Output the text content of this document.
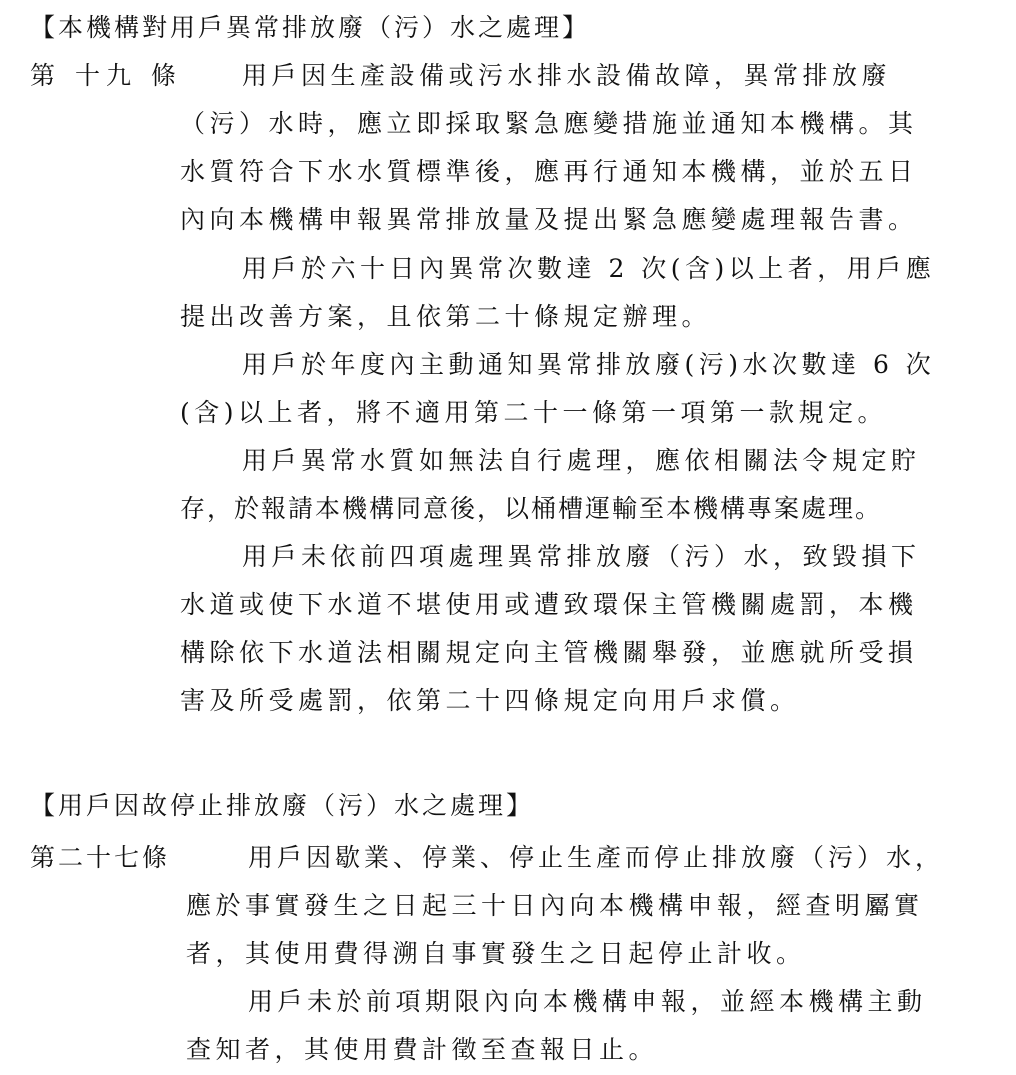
【本機構對用戶異常排放廢（污）水之處理】
第 十九 條 用戶因生產設備或污水排水設備故障，異常排放廢
（污）水時，應立即採取緊急應變措施並通知本機構。其
水質符合下水水質標準後，應再行通知本機構，並於五日
內向本機構申報異常排放量及提出緊急應變處理報告書。
用戶於六十日內異常次數達 2 次(含)以上者，用戶應
提出改善方案，且依第二十條規定辦理。
用戶於年度內主動通知異常排放廢(污)水次數達 6 次
(含)以上者，將不適用第二十一條第一項第一款規定。
用戶異常水質如無法自行處理，應依相關法令規定貯
存，於報請本機構同意後，以桶槽運輸至本機構專案處理。
用戶未依前四項處理異常排放廢（污）水，致毀損下
水道或使下水道不堪使用或遭致環保主管機關處罰，本機
構除依下水道法相關規定向主管機關舉發，並應就所受損
害及所受處罰，依第二十四條規定向用戶求償。
【用戶因故停止排放廢（污）水之處理】
第二十七條	用戶因歇業、停業、停止生產而停止排放廢（污）水，
應於事實發生之日起三十日內向本機構申報，經查明屬實
者，其使用費得溯自事實發生之日起停止計收。
用戶未於前項期限內向本機構申報，並經本機構主動
查知者，其使用費計徵至查報日止。
